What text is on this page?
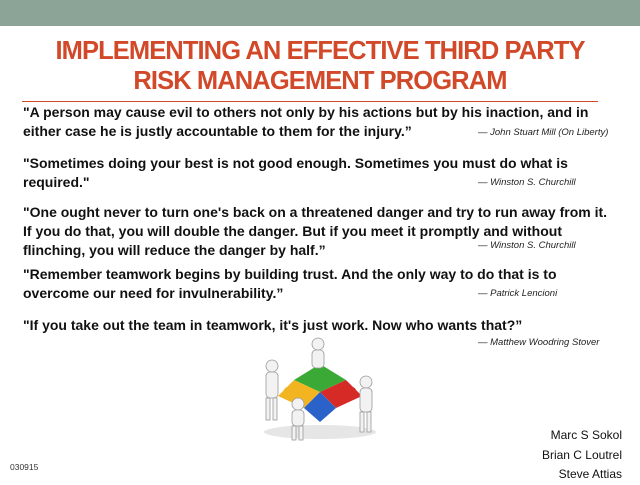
IMPLEMENTING AN EFFECTIVE THIRD PARTY
RISK MANAGEMENT PROGRAM
"A person may cause evil to others not only by his actions but by his inaction, and in
either case he is justly accountable to them for the injury.”	— John Stuart Mill (On Liberty)
"Sometimes doing your best is not good enough. Sometimes you must do what is
required."	— Winston S. Churchill
"One ought never to turn one's back on a threatened danger and try to run away from it.
If you do that, you will double the danger. But if you meet it promptly and without
flinching, you will reduce the danger by half.”	— Winston S. Churchill
"Remember teamwork begins by building trust. And the only way to do that is to
overcome our need for invulnerability.”	— Patrick Lencioni
"If you take out the team in teamwork, it's just work. Now who wants that?”
— Matthew Woodring Stover
Marc S Sokol
Brian C Loutrel
Steve Attias
030915
